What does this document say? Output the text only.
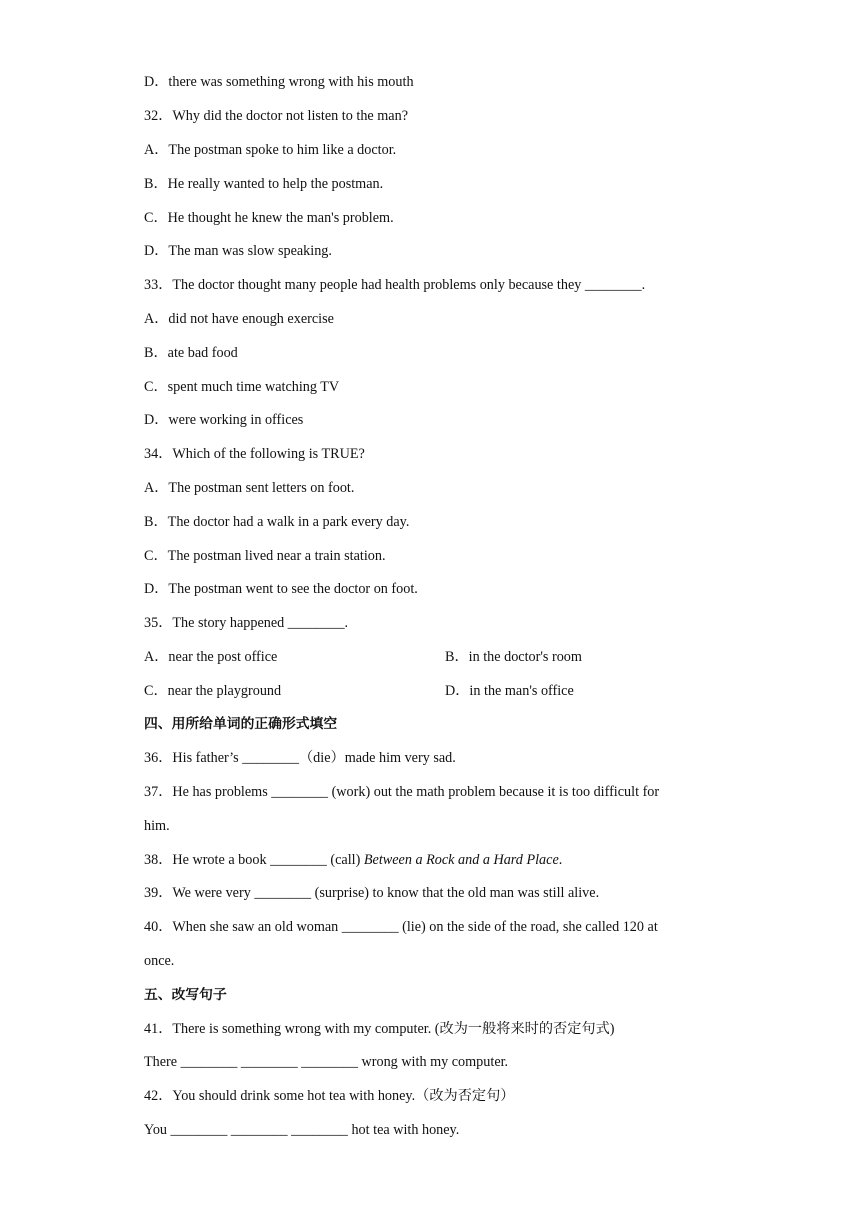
D．there was something wrong with his mouth
32．Why did the doctor not listen to the man?
A．The postman spoke to him like a doctor.
B．He really wanted to help the postman.
C．He thought he knew the man's problem.
D．The man was slow speaking.
33．The doctor thought many people had health problems only because they ________.
A．did not have enough exercise
B．ate bad food
C．spent much time watching TV
D．were working in offices
34．Which of the following is TRUE?
A．The postman sent letters on foot.
B．The doctor had a walk in a park every day.
C．The postman lived near a train station.
D．The postman went to see the doctor on foot.
35．The story happened ________.
A．near the post office	B．in the doctor's room
C．near the playground	D．in the man's office
四、用所给单词的正确形式填空
36．His father’s ________（die）made him very sad.
37．He has problems ________ (work) out the math problem because it is too difficult for
him.
38．He wrote a book ________ (call) Between a Rock and a Hard Place.
39．We were very ________ (surprise) to know that the old man was still alive.
40．When she saw an old woman ________ (lie) on the side of the road, she called 120 at
once.
五、改写句子
41．There is something wrong with my computer. (改为一般将来时的否定句式)
There ________ ________ ________ wrong with my computer.
42．You should drink some hot tea with honey.（改为否定句）
You ________ ________ ________ hot tea with honey.
